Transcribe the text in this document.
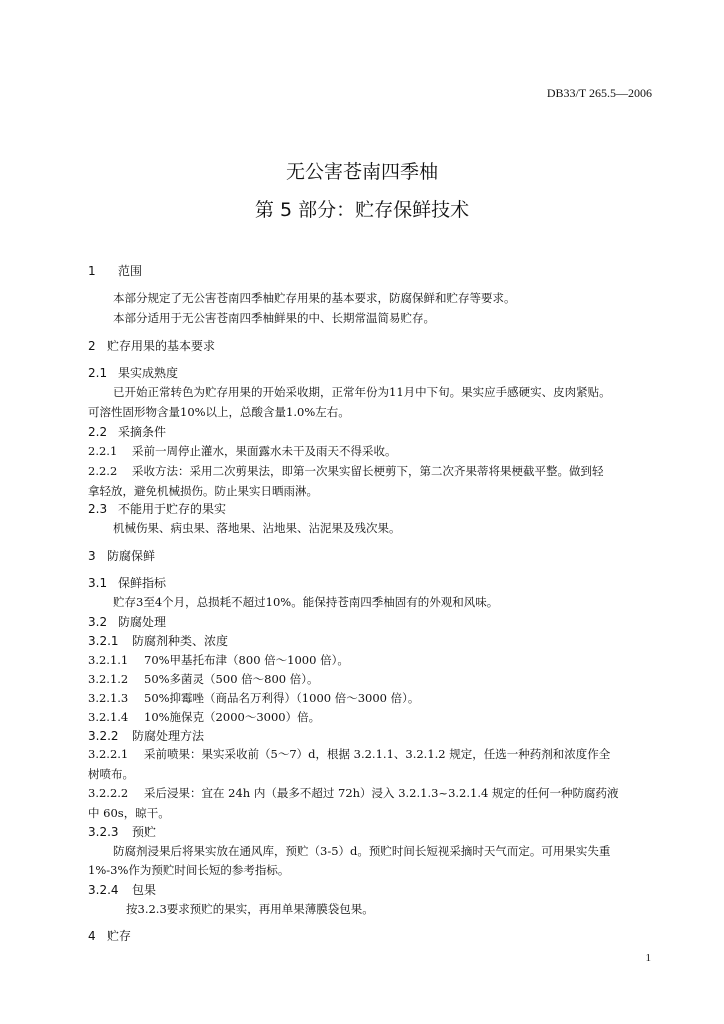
DB33/T 265.5—2006
无公害苍南四季柚
第 5 部分：贮存保鲜技术
1 范围
本部分规定了无公害苍南四季柚贮存用果的基本要求，防腐保鲜和贮存等要求。
本部分适用于无公害苍南四季柚鲜果的中、长期常温简易贮存。
2 贮存用果的基本要求
2.1 果实成熟度
已开始正常转色为贮存用果的开始采收期，正常年份为11月中下旬。果实应手感硬实、皮肉紧贴。
可溶性固形物含量10%以上，总酸含量1.0%左右。
2.2 采摘条件
2.2.1 采前一周停止灌水，果面露水未干及雨天不得采收。
2.2.2 采收方法：采用二次剪果法，即第一次果实留长梗剪下，第二次齐果蒂将果梗截平整。做到轻
拿轻放，避免机械损伤。防止果实日晒雨淋。
2.3 不能用于贮存的果实
机械伤果、病虫果、落地果、沾地果、沾泥果及残次果。
3 防腐保鲜
3.1 保鲜指标
贮存3至4个月，总损耗不超过10%。能保持苍南四季柚固有的外观和风味。
3.2 防腐处理
3.2.1 防腐剂种类、浓度
3.2.1.1 70%甲基托布津（800 倍～1000 倍）。
3.2.1.2 50%多菌灵（500 倍～800 倍）。
3.2.1.3 50%抑霉唑（商品名万利得）（1000 倍～3000 倍）。
3.2.1.4 10%施保克（2000～3000）倍。
3.2.2 防腐处理方法
3.2.2.1 采前喷果：果实采收前（5～7）d，根据 3.2.1.1、3.2.1.2 规定，任选一种药剂和浓度作全
树喷布。
3.2.2.2 采后浸果：宜在 24h 内（最多不超过 72h）浸入 3.2.1.3~3.2.1.4 规定的任何一种防腐药液
中 60s，晾干。
3.2.3 预贮
防腐剂浸果后将果实放在通风库，预贮（3-5）d。预贮时间长短视采摘时天气而定。可用果实失重
1%-3%作为预贮时间长短的参考指标。
3.2.4 包果
按3.2.3要求预贮的果实，再用单果薄膜袋包果。
4 贮存
1
